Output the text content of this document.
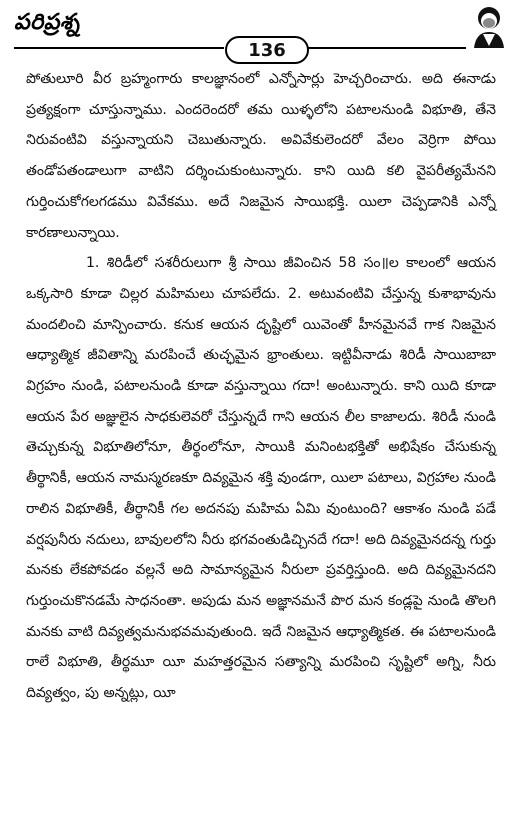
పరిప్రశ్న
136

పోతులూరి వీర బ్రహ్మంగారు కాలజ్ఞానంలో ఎన్నోసార్లు హెచ్చరించారు. అది ఈనాడు ప్రత్యక్షంగా చూస్తున్నాము. ఎందరెందరో తమ యిళ్ళలోని పటాలనుండి విభూతి, తేనె నిరువంటివి వస్తున్నాయని చెబుతున్నారు. అవివేకులెందరో వేలం వెర్రిగా పోయి తండోపతండాలుగా వాటిని దర్శించుకుంటున్నారు. కాని యిది కలి వైపరీత్యమేనని గుర్తించుకోగలగడము వివేకము. అదే నిజమైన సాయిభక్తి. యిలా చెప్పడానికి ఎన్నో కారణాలున్నాయి.

1. శిరిడీలో సశరీరులుగా శ్రీ సాయి జీవించిన 58 సం॥ల కాలంలో ఆయన ఒక్కసారి కూడా చిల్లర మహిమలు చూపలేదు. 2. అటువంటివి చేస్తున్న కుశాభావును మందలించి మాన్పించారు. కనుక ఆయన దృష్టిలో యివెంతో హీనమైనవే గాక నిజమైన ఆధ్యాత్మిక జీవితాన్ని మరపించే తుచ్ఛమైన భ్రాంతులు. ఇట్టివీనాడు శిరిడీ సాయిబాబా విగ్రహం నుండి, పటాలనుండి కూడా వస్తున్నాయి గదా! అంటున్నారు. కాని యిది కూడా ఆయన పేర అజ్ఞులైన సాధకులెవరో చేస్తున్నదే గాని ఆయన లీల కాజాలదు. శిరిడీ నుండి తెచ్చుకున్న విభూతిలోనూ, తీర్థంలోనూ, సాయికి మనింటభక్తితో అభిషేకం చేసుకున్న తీర్థానికీ, ఆయన నామస్మరణకూ దివ్యమైన శక్తి వుండగా, యిలా పటాలు, విగ్రహాల నుండి రాలిన విభూతికీ, తీర్థానికీ గల అదనపు మహిమ ఏమి వుంటుంది? ఆకాశం నుండి పడే వర్షపునీరు నదులు, బావులలోని నీరు భగవంతుడిచ్చినదే గదా! అది దివ్యమైనదన్న గుర్తు మనకు లేకపోవడం వల్లనే అది సామాన్యమైన నీరులా ప్రవర్తిస్తుంది. అది దివ్యమైనదని గుర్తుంచుకొనడమే సాధనంతా. అపుడు మన అజ్ఞానమనే పొర మన కండ్లపై నుండి తొలగి మనకు వాటి దివ్యత్వమనుభవమవుతుంది. ఇదే నిజమైన ఆధ్యాత్మికత. ఈ పటాలనుండి రాలే విభూతి, తీర్థమూ యీ మహత్తరమైన సత్యాన్ని మరపించి సృష్టిలో అగ్ని, నీరు దివ్యత్వం, పు అన్నట్లు, యీ
